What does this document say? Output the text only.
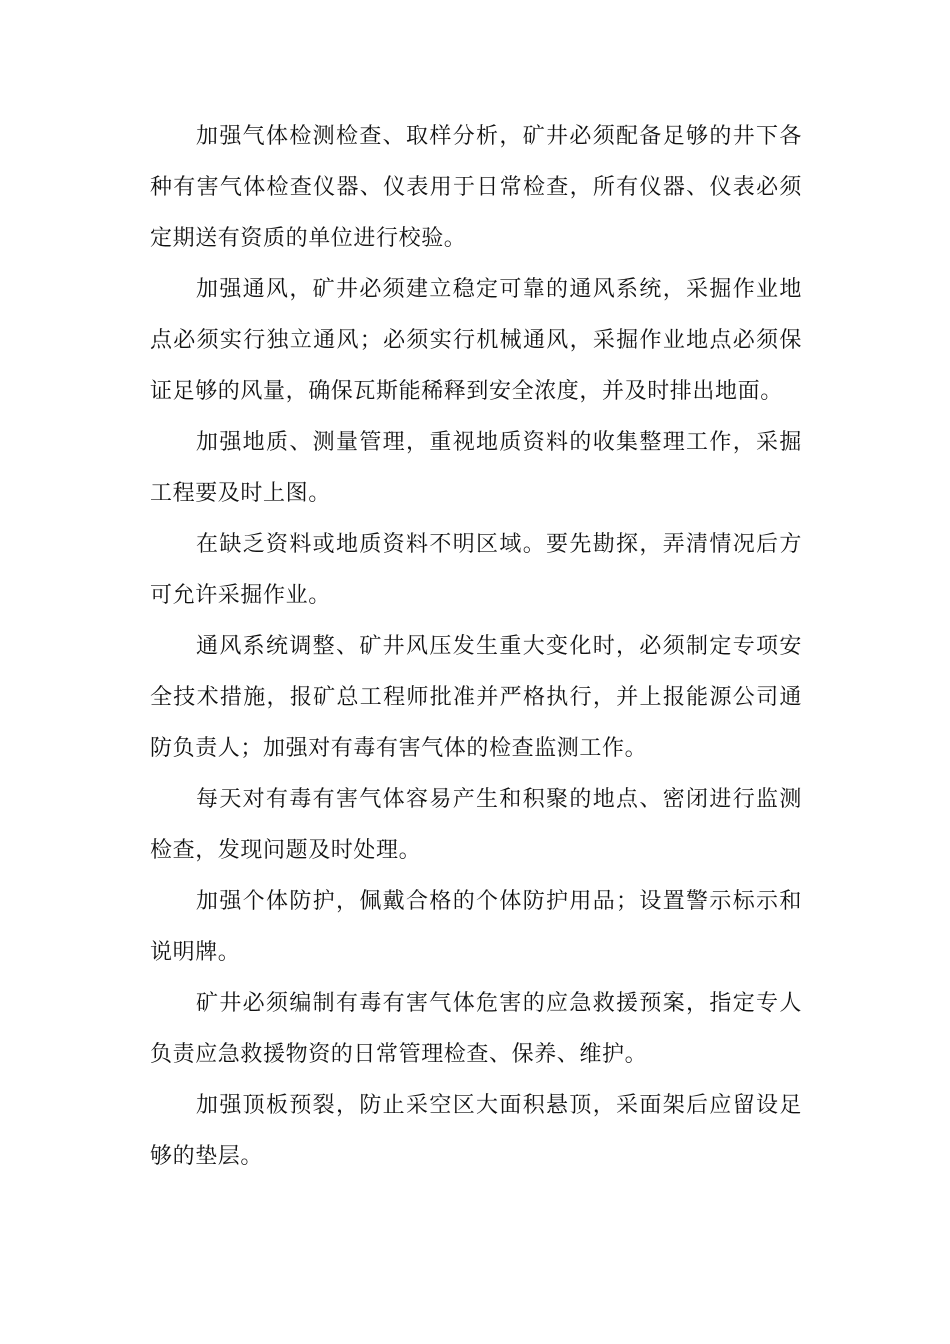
加强气体检测检查、取样分析，矿井必须配备足够的井下各种有害气体检查仪器、仪表用于日常检查，所有仪器、仪表必须定期送有资质的单位进行校验。

加强通风，矿井必须建立稳定可靠的通风系统，采掘作业地点必须实行独立通风；必须实行机械通风，采掘作业地点必须保证足够的风量，确保瓦斯能稀释到安全浓度，并及时排出地面。

加强地质、测量管理，重视地质资料的收集整理工作，采掘工程要及时上图。

在缺乏资料或地质资料不明区域。要先勘探，弄清情况后方可允许采掘作业。

通风系统调整、矿井风压发生重大变化时，必须制定专项安全技术措施，报矿总工程师批准并严格执行，并上报能源公司通防负责人；加强对有毒有害气体的检查监测工作。

每天对有毒有害气体容易产生和积聚的地点、密闭进行监测检查，发现问题及时处理。

加强个体防护，佩戴合格的个体防护用品；设置警示标示和说明牌。

矿井必须编制有毒有害气体危害的应急救援预案，指定专人负责应急救援物资的日常管理检查、保养、维护。

加强顶板预裂，防止采空区大面积悬顶，采面架后应留设足够的垫层。
